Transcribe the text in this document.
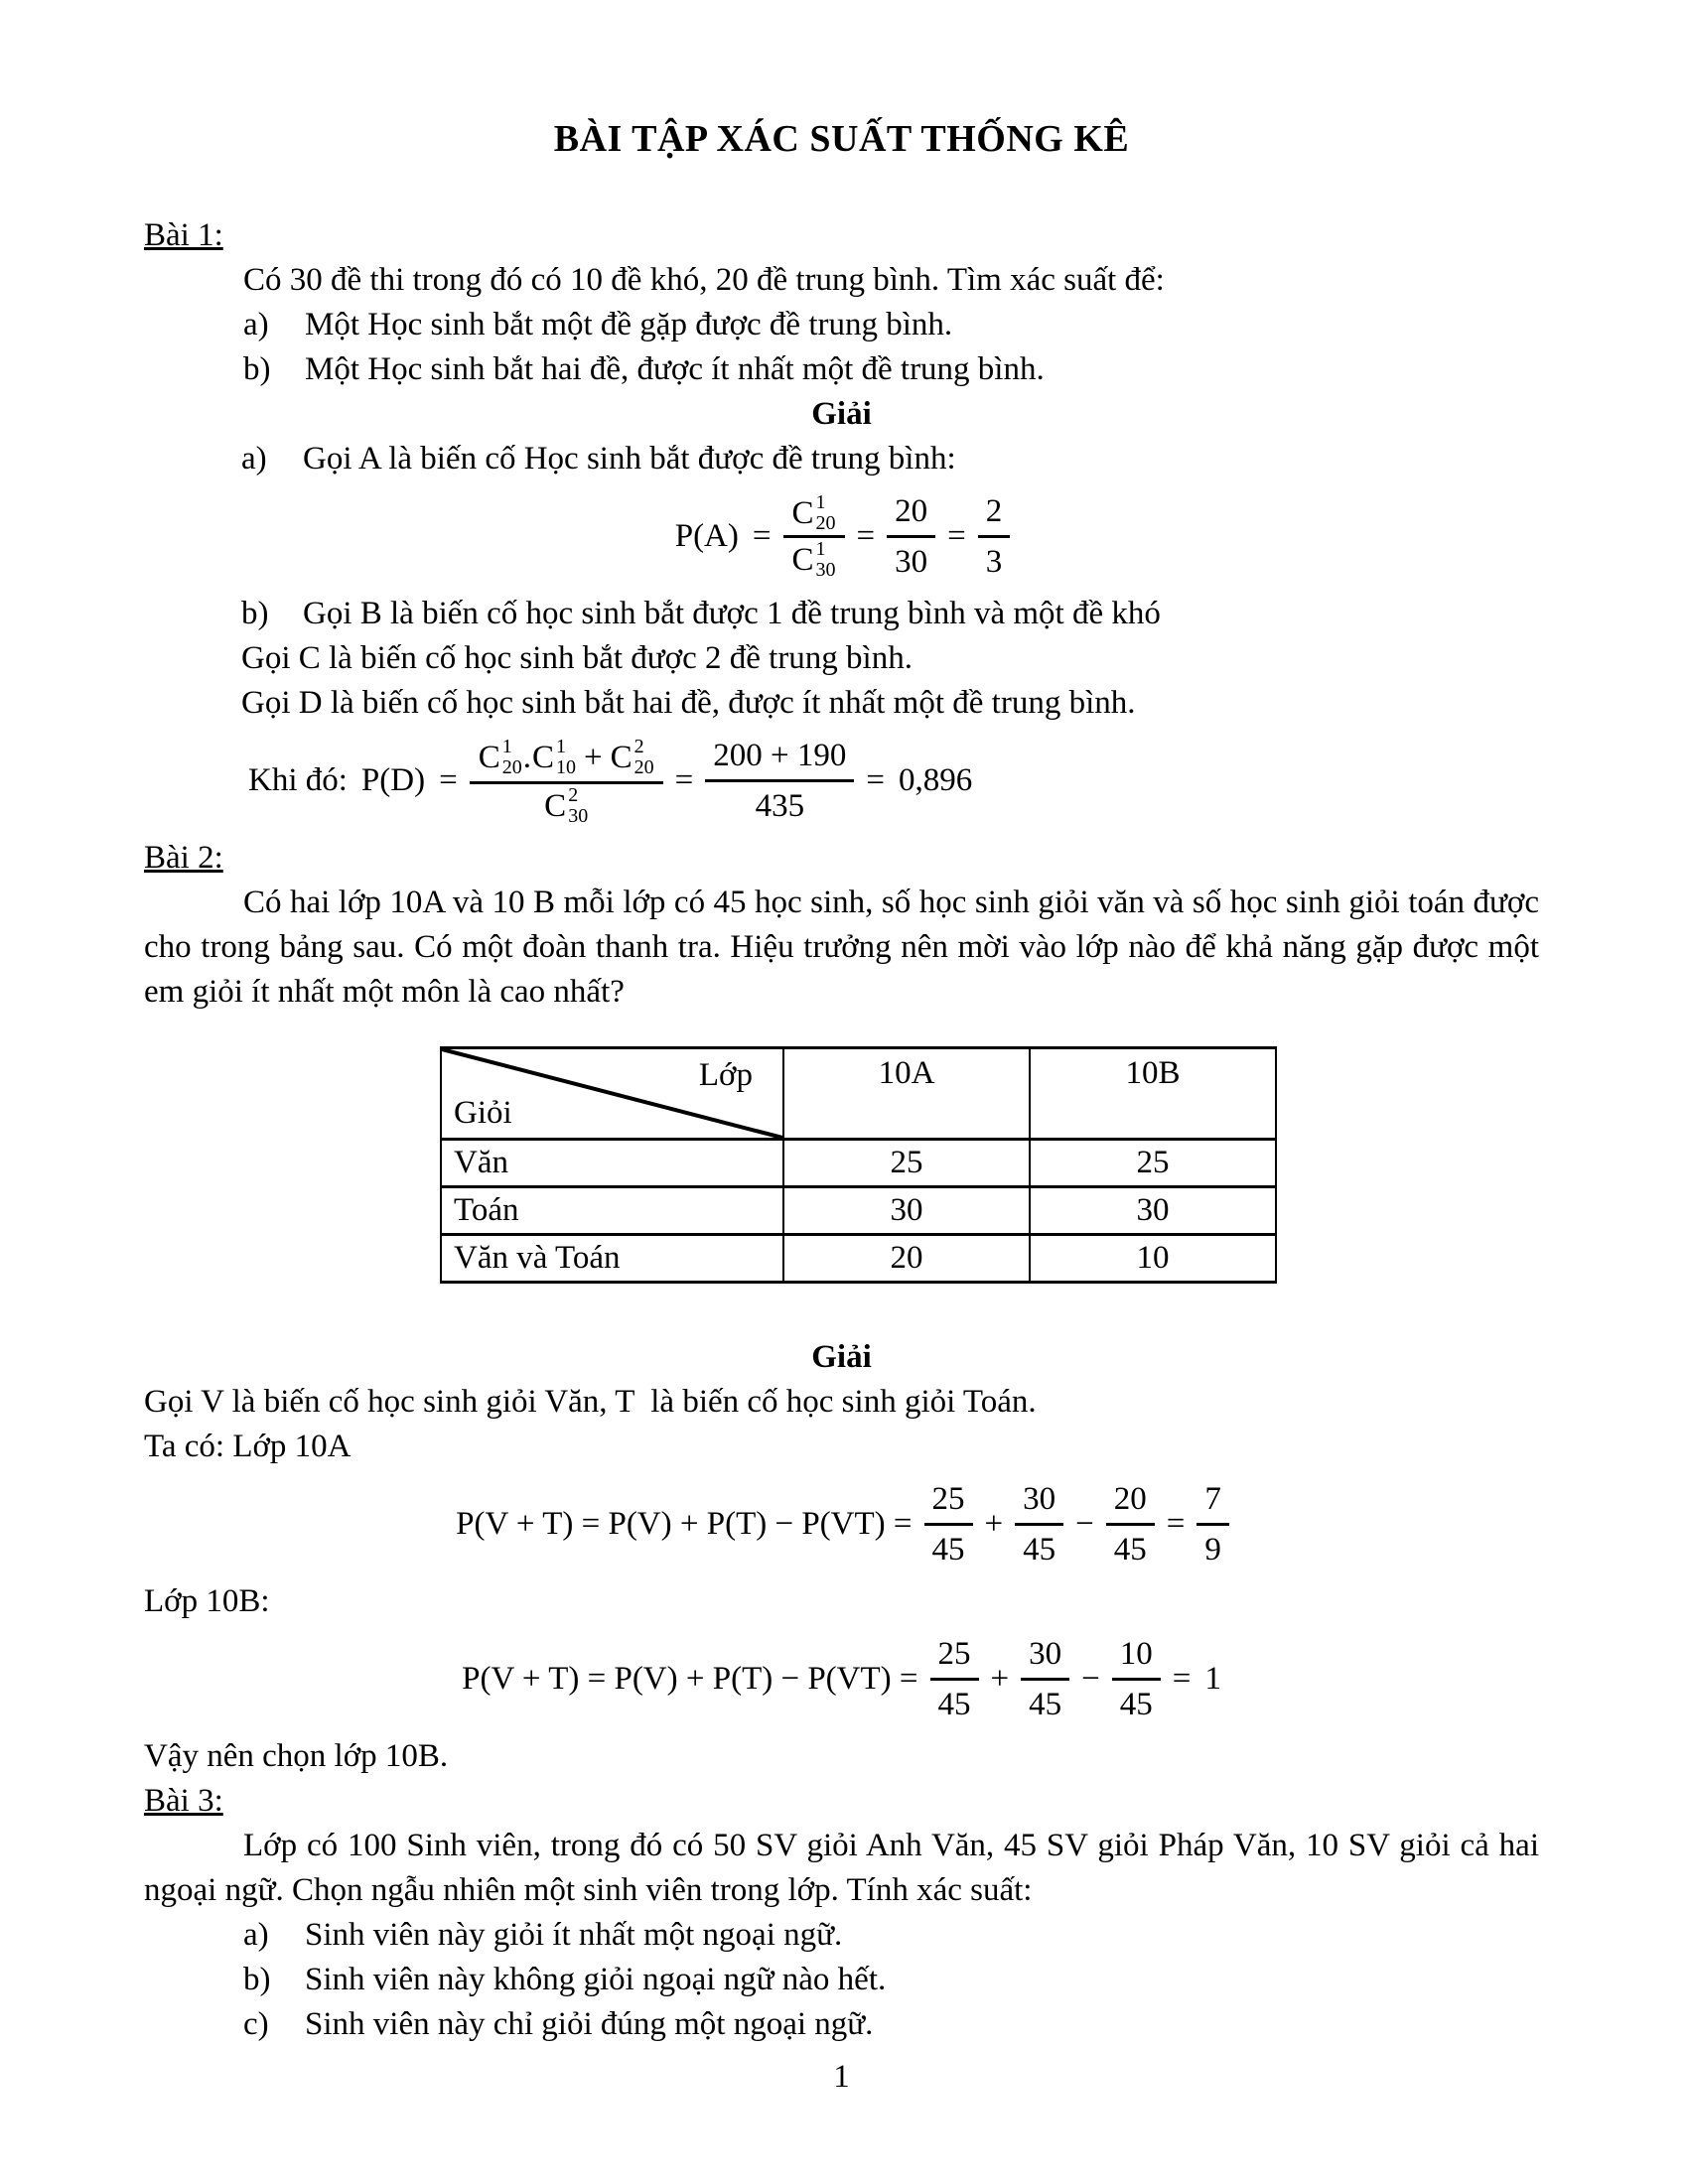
BÀI TẬP XÁC SUẤT THỐNG KÊ
Bài 1:
Có 30 đề thi trong đó có 10 đề khó, 20 đề trung bình. Tìm xác suất để:
a)	Một Học sinh bắt một đề gặp được đề trung bình.
b)	Một Học sinh bắt hai đề, được ít nhất một đề trung bình.
Giải
a)	Gọi A là biến cố Học sinh bắt được đề trung bình:
P(A) = C 1
20
C 1
$30 = \frac{20}{30} = \frac{2}{3}$
b)	Gọi B là biến cố học sinh bắt được 1 đề trung bình và một đề khó
Gọi C là biến cố học sinh bắt được 2 đề trung bình.
Gọi D là biến cố học sinh bắt hai đề, được ít nhất một đề trung bình.
Khi đó: P(D) =
C 1
20 . C 1
10 + C 2
20
C 2
30
= $\frac{200 + 190}{435} = 0,896$
Bài 2:
Có hai lớp 10A và 10 B mỗi lớp có 45 học sinh, số học sinh giỏi văn và số học sinh giỏi toán được cho trong bảng sau. Có một đoàn thanh tra. Hiệu trưởng nên mời vào lớp nào để khả năng gặp được một em giỏi ít nhất một môn là cao nhất?
Lớp
Giỏi	10A	10B
Văn	25	25
Toán	30	30
Văn và Toán	20	10
Giải
Gọi V là biến cố học sinh giỏi Văn, T  là biến cố học sinh giỏi Toán.
Ta có: Lớp 10A
$P(V + T) = P(V) + P(T) - P(VT) = \frac{25}{45} + \frac{30}{45} - \frac{20}{45} = \frac{7}{9}$
Lớp 10B:
$P(V + T) = P(V) + P(T) - P(VT) = \frac{25}{45} + \frac{30}{45} - \frac{10}{45} = 1$
Vậy nên chọn lớp 10B.
Bài 3:
Lớp có 100 Sinh viên, trong đó có 50 SV giỏi Anh Văn, 45 SV giỏi Pháp Văn, 10 SV giỏi cả hai ngoại ngữ. Chọn ngẫu nhiên một sinh viên trong lớp. Tính xác suất:
a)	Sinh viên này giỏi ít nhất một ngoại ngữ.
b)	Sinh viên này không giỏi ngoại ngữ nào hết.
c)	Sinh viên này chỉ giỏi đúng một ngoại ngữ.
1
